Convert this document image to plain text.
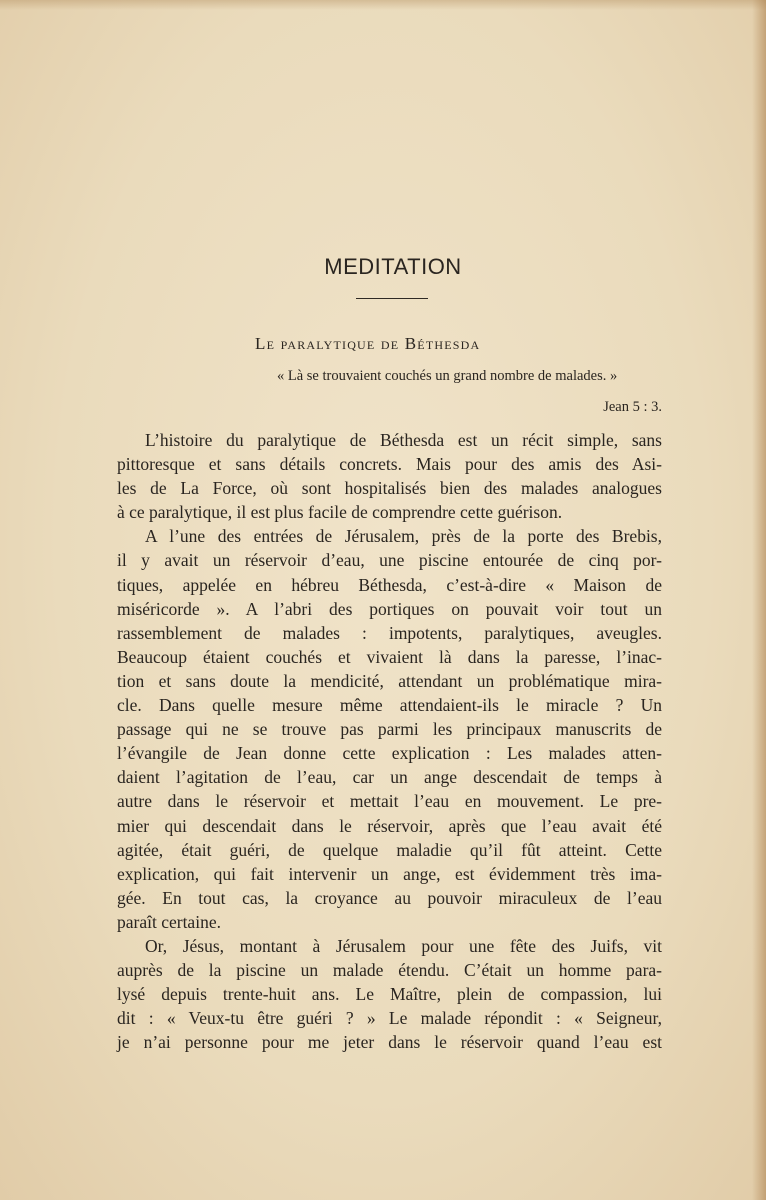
MEDITATION
Le paralytique de Béthesda
« Là se trouvaient couchés un grand nombre de malades. »
Jean 5 : 3.
L’histoire du paralytique de Béthesda est un récit simple, sans
pittoresque et sans détails concrets. Mais pour des amis des Asi-
les de La Force, où sont hospitalisés bien des malades analogues
à ce paralytique, il est plus facile de comprendre cette guérison.
A l’une des entrées de Jérusalem, près de la porte des Brebis,
il y avait un réservoir d’eau, une piscine entourée de cinq por-
tiques, appelée en hébreu Béthesda, c’est-à-dire « Maison de
miséricorde ». A l’abri des portiques on pouvait voir tout un
rassemblement de malades : impotents, paralytiques, aveugles.
Beaucoup étaient couchés et vivaient là dans la paresse, l’inac-
tion et sans doute la mendicité, attendant un problématique mira-
cle. Dans quelle mesure même attendaient-ils le miracle ? Un
passage qui ne se trouve pas parmi les principaux manuscrits de
l’évangile de Jean donne cette explication : Les malades atten-
daient l’agitation de l’eau, car un ange descendait de temps à
autre dans le réservoir et mettait l’eau en mouvement. Le pre-
mier qui descendait dans le réservoir, après que l’eau avait été
agitée, était guéri, de quelque maladie qu’il fût atteint. Cette
explication, qui fait intervenir un ange, est évidemment très ima-
gée. En tout cas, la croyance au pouvoir miraculeux de l’eau
paraît certaine.
Or, Jésus, montant à Jérusalem pour une fête des Juifs, vit
auprès de la piscine un malade étendu. C’était un homme para-
lysé depuis trente-huit ans. Le Maître, plein de compassion, lui
dit : « Veux-tu être guéri ? » Le malade répondit : « Seigneur,
je n’ai personne pour me jeter dans le réservoir quand l’eau est
